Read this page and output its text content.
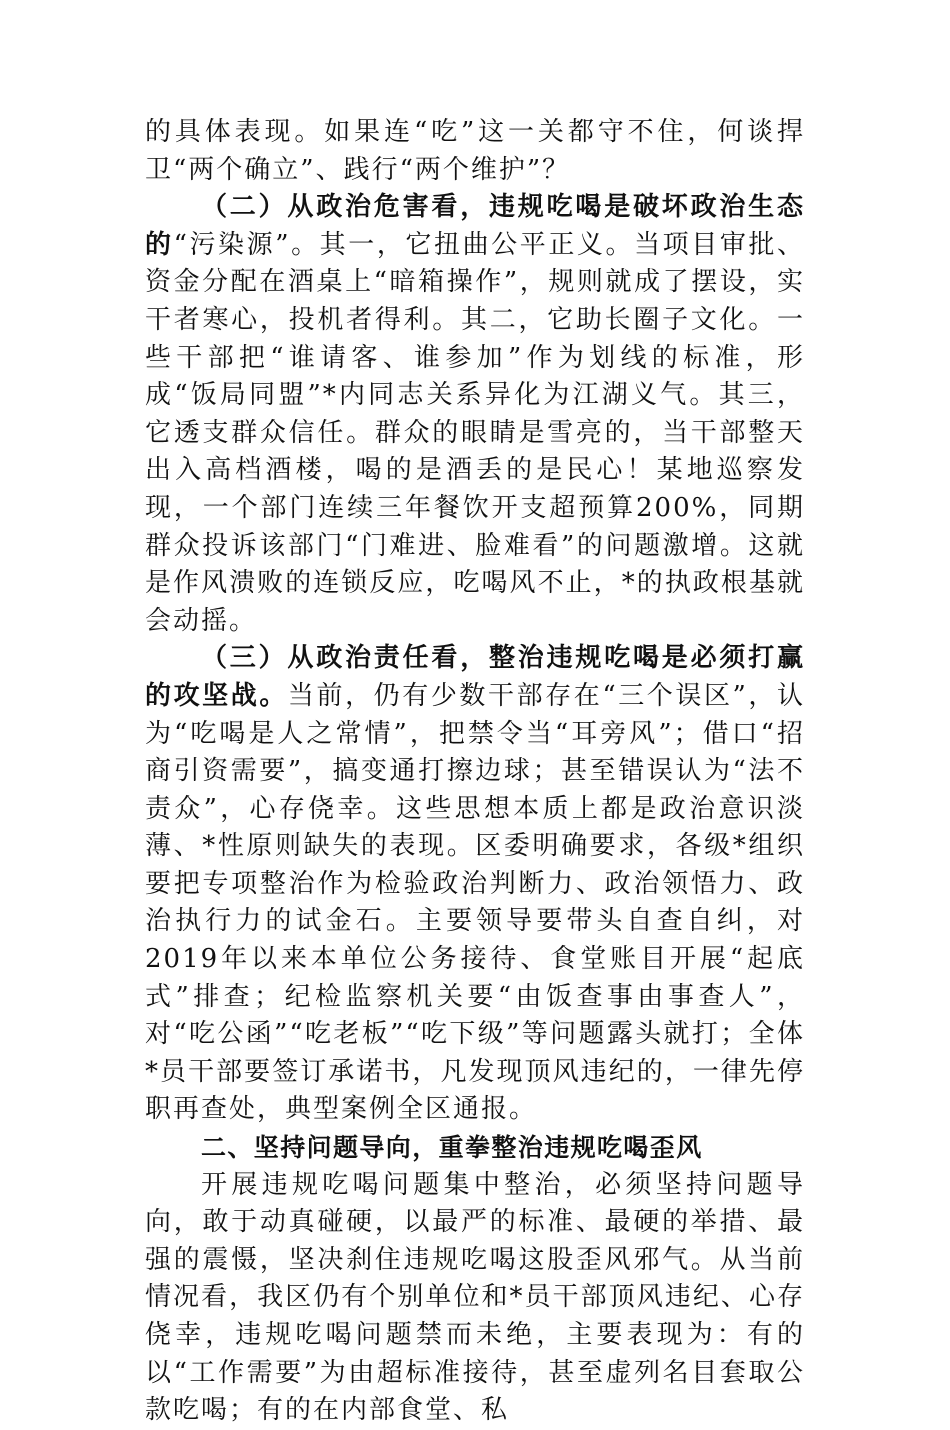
的具体表现。如果连“吃”这一关都守不住，何谈捍卫“两个确立”、践行“两个维护”？

（二）从政治危害看，违规吃喝是破坏政治生态的“污染源”。其一，它扭曲公平正义。当项目审批、资金分配在酒桌上“暗箱操作”，规则就成了摆设，实干者寒心，投机者得利。其二，它助长圈子文化。一些干部把“谁请客、谁参加”作为划线的标准，形成“饭局同盟”*内同志关系异化为江湖义气。其三，它透支群众信任。群众的眼睛是雪亮的，当干部整天出入高档酒楼，喝的是酒丢的是民心！某地巡察发现，一个部门连续三年餐饮开支超预算200%，同期群众投诉该部门“门难进、脸难看”的问题激增。这就是作风溃败的连锁反应，吃喝风不止，*的执政根基就会动摇。

（三）从政治责任看，整治违规吃喝是必须打赢的攻坚战。当前，仍有少数干部存在“三个误区”，认为“吃喝是人之常情”，把禁令当“耳旁风”；借口“招商引资需要”，搞变通打擦边球；甚至错误认为“法不责众”，心存侥幸。这些思想本质上都是政治意识淡薄、*性原则缺失的表现。区委明确要求，各级*组织要把专项整治作为检验政治判断力、政治领悟力、政治执行力的试金石。主要领导要带头自查自纠，对2019年以来本单位公务接待、食堂账目开展“起底式”排查；纪检监察机关要“由饭查事由事查人”，对“吃公函”“吃老板”“吃下级”等问题露头就打；全体*员干部要签订承诺书，凡发现顶风违纪的，一律先停职再查处，典型案例全区通报。

二、坚持问题导向，重拳整治违规吃喝歪风

开展违规吃喝问题集中整治，必须坚持问题导向，敢于动真碰硬，以最严的标准、最硬的举措、最强的震慑，坚决刹住违规吃喝这股歪风邪气。从当前情况看，我区仍有个别单位和*员干部顶风违纪、心存侥幸，违规吃喝问题禁而未绝，主要表现为：有的以“工作需要”为由超标准接待，甚至虚列名目套取公款吃喝；有的在内部食堂、私
